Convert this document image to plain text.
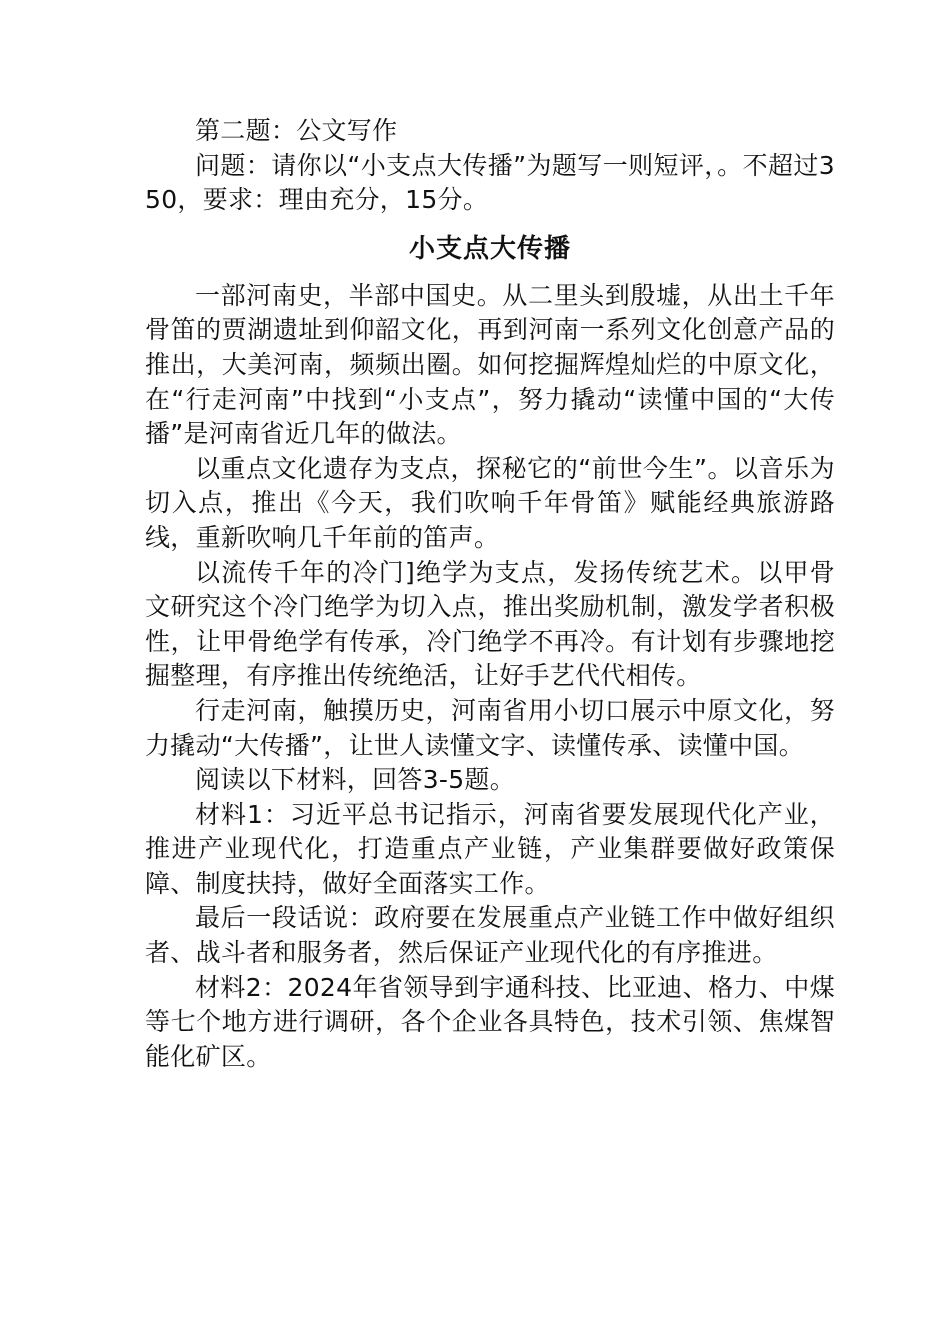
第二题：公文写作

问题：请你以“小支点大传播”为题写一则短评，。不超过350，要求：理由充分，15分。

小支点大传播

一部河南史，半部中国史。从二里头到殷墟，从出土千年骨笛的贾湖遗址到仰韶文化，再到河南一系列文化创意产品的推出，大美河南，频频出圈。如何挖掘辉煌灿烂的中原文化，在“行走河南”中找到“小支点”，努力撬动“读懂中国的“大传播”是河南省近几年的做法。

以重点文化遗存为支点，探秘它的“前世今生”。以音乐为切入点，推出《今天，我们吹响千年骨笛》赋能经典旅游路线，重新吹响几千年前的笛声。

以流传千年的冷门]绝学为支点，发扬传统艺术。以甲骨文研究这个冷门绝学为切入点，推出奖励机制，激发学者积极性，让甲骨绝学有传承，冷门绝学不再冷。有计划有步骤地挖掘整理，有序推出传统绝活，让好手艺代代相传。

行走河南，触摸历史，河南省用小切口展示中原文化，努力撬动“大传播”，让世人读懂文字、读懂传承、读懂中国。

阅读以下材料，回答3-5题。

材料1：习近平总书记指示，河南省要发展现代化产业，推进产业现代化，打造重点产业链，产业集群要做好政策保障、制度扶持，做好全面落实工作。

最后一段话说：政府要在发展重点产业链工作中做好组织者、战斗者和服务者，然后保证产业现代化的有序推进。

材料2：2024年省领导到宇通科技、比亚迪、格力、中煤等七个地方进行调研，各个企业各具特色，技术引领、焦煤智能化矿区。
